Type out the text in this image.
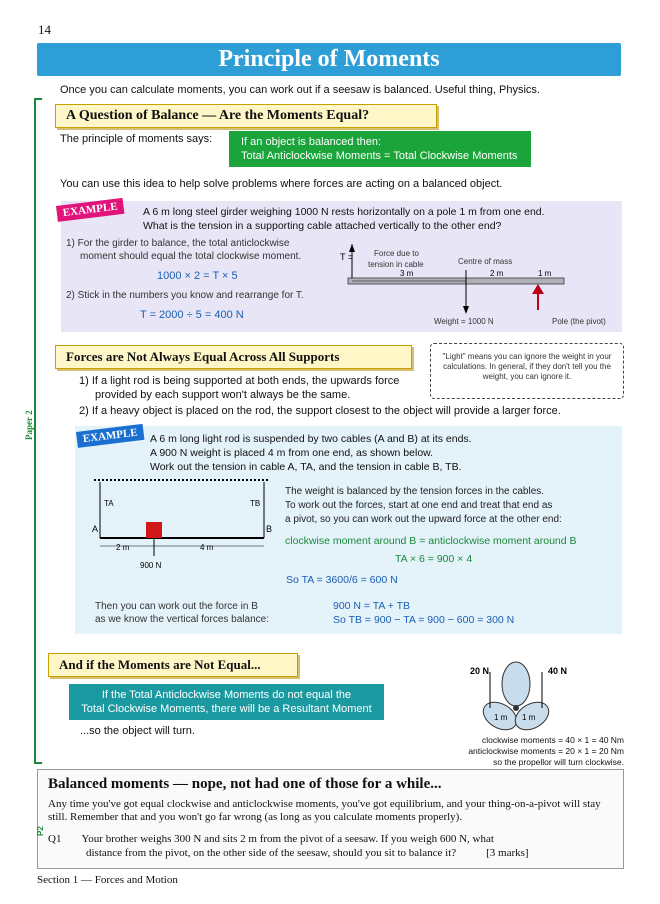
14
Principle of Moments
Once you can calculate moments, you can work out if a seesaw is balanced. Useful thing, Physics.
Paper 2
A Question of Balance — Are the Moments Equal?
The principle of moments says:	If an object is balanced then:
Total Anticlockwise Moments = Total Clockwise Moments
You can use this idea to help solve problems where forces are acting on a balanced object.
EXAMPLE	A 6 m long steel girder weighing 1000 N rests horizontally on a pole 1 m from one end.
What is the tension in a supporting cable attached vertically to the other end?
1) For the girder to balance, the total anticlockwise
moment should equal the total clockwise moment.
1000 × 2 = T × 5
2) Stick in the numbers you know and rearrange for T.
T = 2000 ÷ 5 = 400 N
T =	Force due to
tension in cable	Centre of mass
3 m	2 m	1 m
Weight = 1000 N	Pole (the pivot)
Forces are Not Always Equal Across All Supports	"Light" means you can ignore the weight in your calculations. In general, if they don't tell you the weight, you can ignore it.
1) If a light rod is being supported at both ends, the upwards force
provided by each support won't always be the same.
2) If a heavy object is placed on the rod, the support closest to the object will provide a larger force.
EXAMPLE	A 6 m long light rod is suspended by two cables (A and B) at its ends.
A 900 N weight is placed 4 m from one end, as shown below.
Work out the tension in cable A, TA, and the tension in cable B, TB.
TA	TB
A	B
2 m	4 m
900 N
The weight is balanced by the tension forces in the cables.
To work out the forces, start at one end and treat that end as
a pivot, so you can work out the upward force at the other end:
clockwise moment around B = anticlockwise moment around B
TA × 6 = 900 × 4
So TA = 3600/6 = 600 N
Then you can work out the force in B
as we know the vertical forces balance:
900 N = TA + TB
So TB = 900 − TA = 900 − 600 = 300 N
And if the Moments are Not Equal...
If the Total Anticlockwise Moments do not equal the
Total Clockwise Moments, there will be a Resultant Moment
...so the object will turn.
20 N	40 N
1 m 1 m
clockwise moments = 40 × 1 = 40 Nm
anticlockwise moments = 20 × 1 = 20 Nm
so the propellor will turn clockwise.
Balanced moments — nope, not had one of those for a while...
Any time you've got equal clockwise and anticlockwise moments, you've got equilibrium, and your thing-on-a-pivot will stay still. Remember that and you won't go far wrong (as long as you calculate moments properly).
P2
Q1 Your brother weighs 300 N and sits 2 m from the pivot of a seesaw. If you weigh 600 N, what
distance from the pivot, on the other side of the seesaw, should you sit to balance it?	[3 marks]
Section 1 — Forces and Motion
